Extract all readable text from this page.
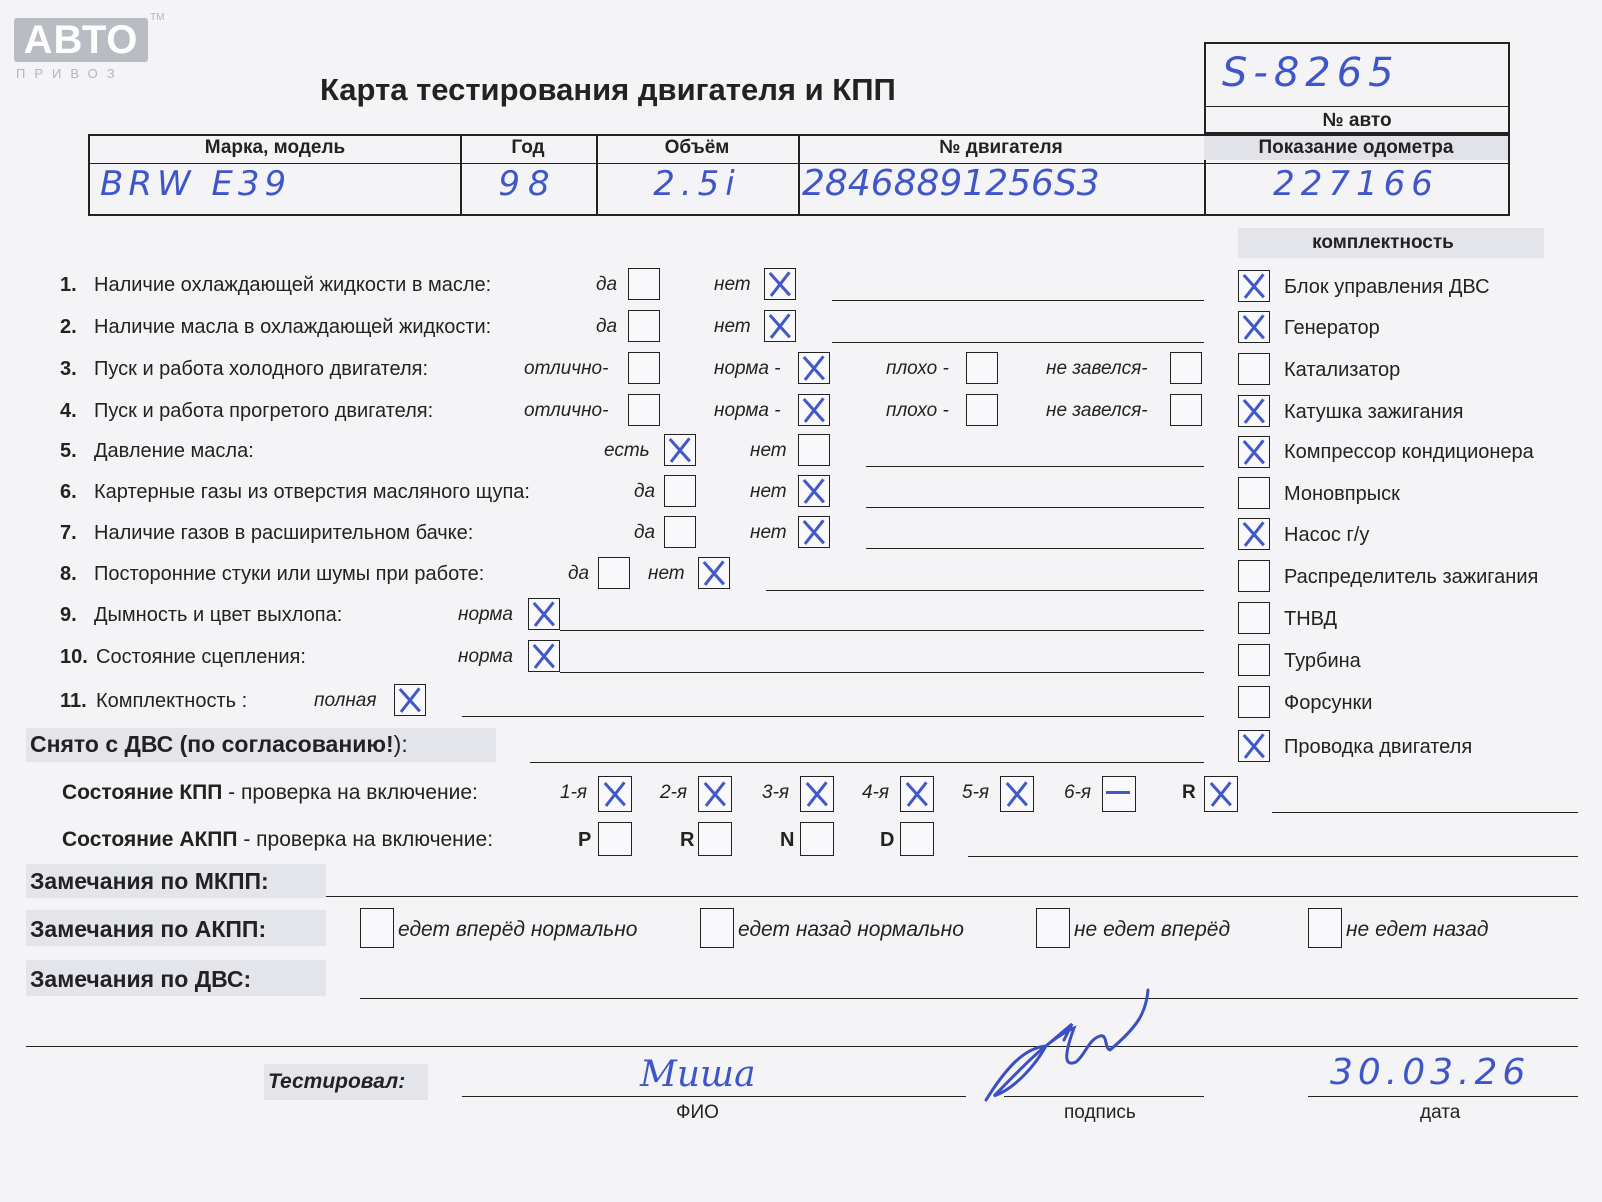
АВТО
ПРИВОЗ
TM
Карта тестирования двигателя и КПП	S-8265
№ авто
Марка, модель
BRW E39
Год
98
Объём
2.5i
№ двигателя
28468891256S3
Показание одометра
227166
комплектность
1. Наличие охлаждающей жидкости в масле:	да	нет
2. Наличие масла в охлаждающей жидкости:	да	нет
3. Пуск и работа холодного двигателя:	отлично-	норма -	плохо -	не завелся-
4. Пуск и работа прогретого двигателя:	отлично-	норма -	плохо -	не завелся-
5. Давление масла:	есть	нет
6. Картерные газы из отверстия масляного щупа:	да	нет
7. Наличие газов в расширительном бачке:	да	нет
8. Посторонние стуки или шумы при работе:	да	нет
9. Дымность и цвет выхлопа:	норма
10. Состояние сцепления:	норма
11. Комплектность :	полная
Снято с ДВС (по согласованию!):
Блок управления ДВС
Генератор
Катализатор
Катушка зажигания
Компрессор кондиционера
Моновпрыск
Насос г/у
Распределитель зажигания
ТНВД
Турбина
Форсунки
Проводка двигателя
Состояние КПП - проверка на включение:	1-я	2-я	3-я	4-я	5-я	6-я	R
Состояние АКПП - проверка на включение:	P	R	N	D
Замечания по МКПП:
Замечания по АКПП:	едет вперёд нормально	едет назад нормально	не едет вперёд	не едет назад
Замечания по ДВС:
Тестировал:	Миша
ФИО	подпись
30.03.26
дата
